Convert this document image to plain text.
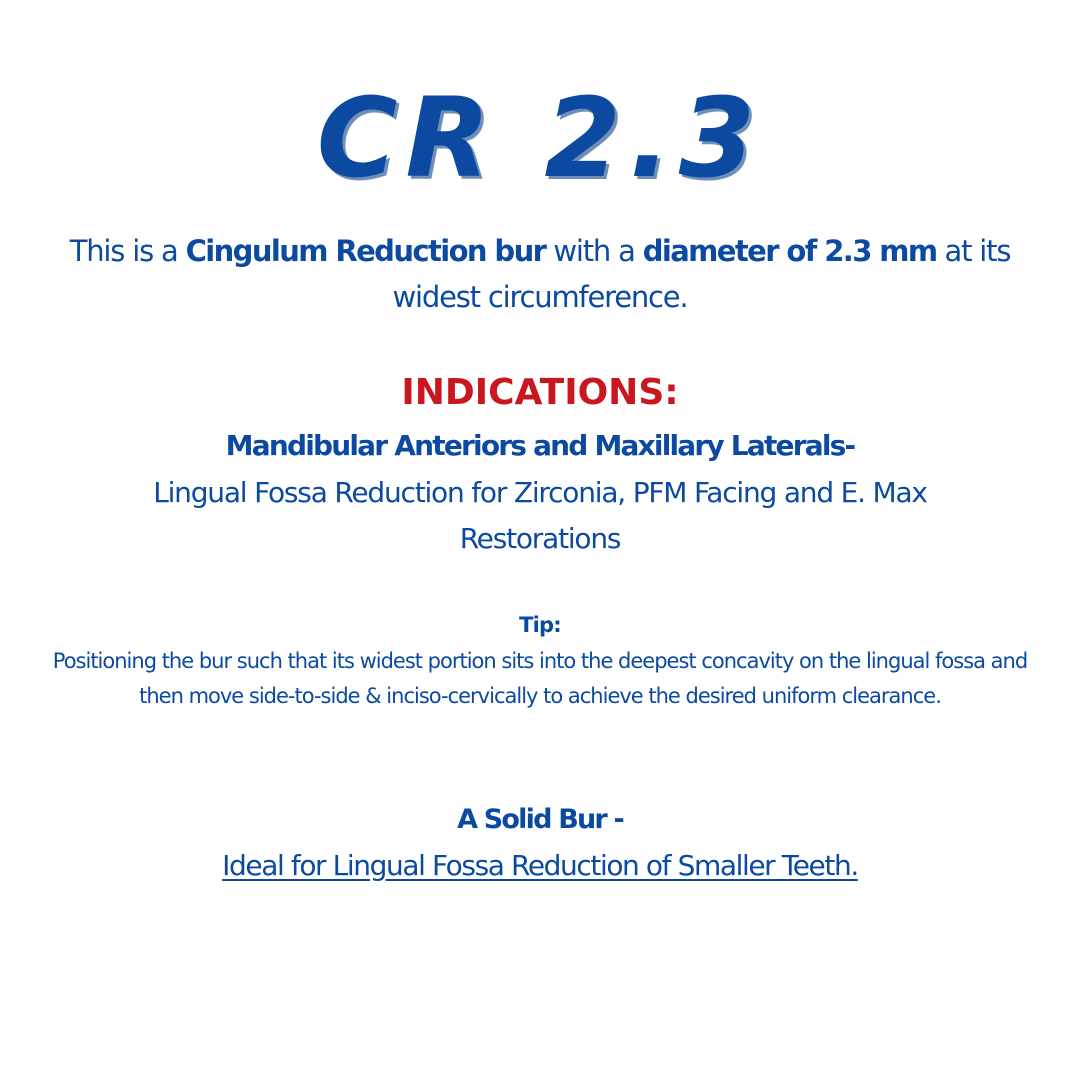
CR 2.3
This is a Cingulum Reduction bur with a diameter of 2.3 mm at its widest circumference.
INDICATIONS:
Mandibular Anteriors and Maxillary Laterals-
Lingual Fossa Reduction for Zirconia, PFM Facing and E. Max Restorations
Tip:
Positioning the bur such that its widest portion sits into the deepest concavity on the lingual fossa and then move side-to-side & inciso-cervically to achieve the desired uniform clearance.
A Solid Bur -
Ideal for Lingual Fossa Reduction of Smaller Teeth.
